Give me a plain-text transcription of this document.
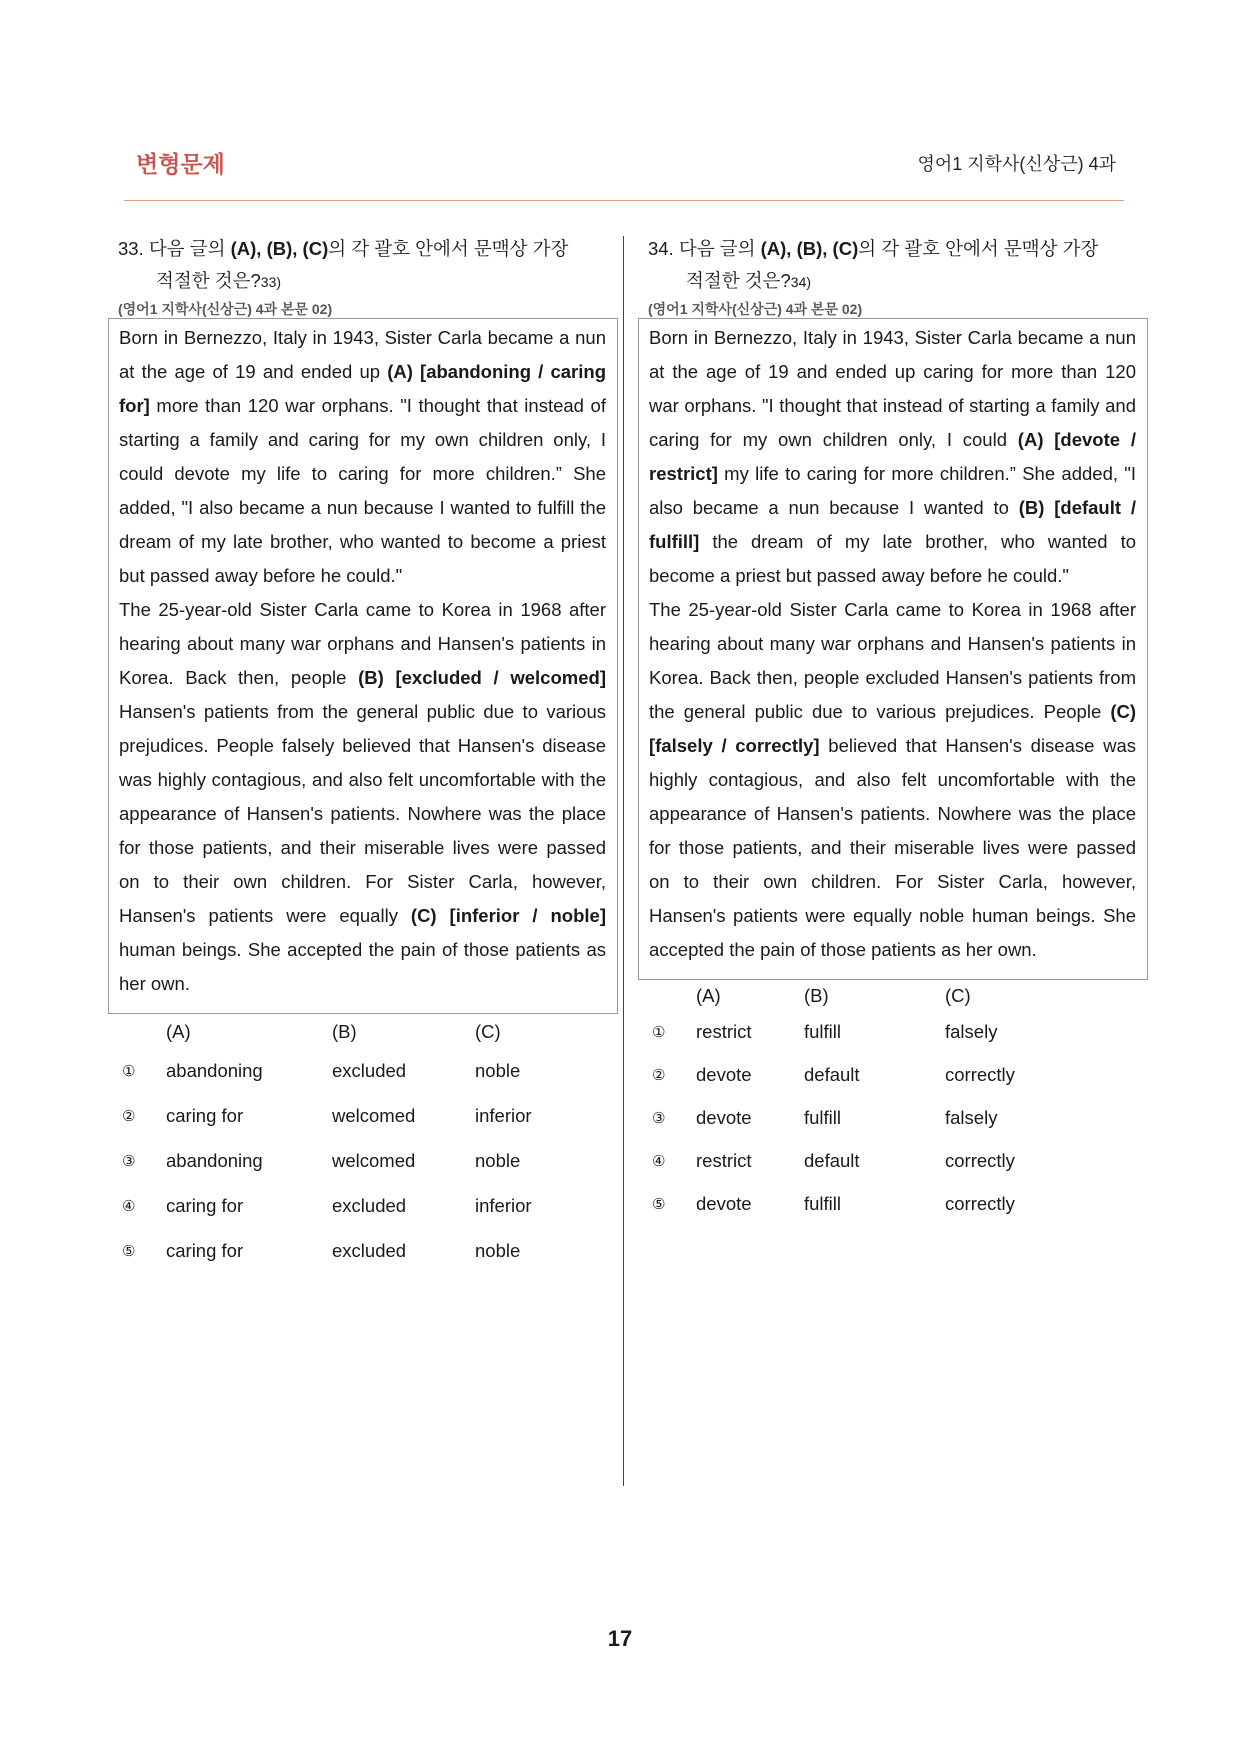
변형문제	영어1 지학사(신상근) 4과
33. 다음 글의 (A), (B), (C)의 각 괄호 안에서 문맥상 가장
적절한 것은?33)
(영어1 지학사(신상근) 4과 본문 02)

Born in Bernezzo, Italy in 1943, Sister Carla became a nun at the age of 19 and ended up (A) [abandoning / caring for] more than 120 war orphans. "I thought that instead of starting a family and caring for my own children only, I could devote my life to caring for more children.” She added, "I also became a nun because I wanted to fulfill the dream of my late brother, who wanted to become a priest but passed away before he could."

The 25-year-old Sister Carla came to Korea in 1968 after hearing about many war orphans and Hansen's patients in Korea. Back then, people (B) [excluded / welcomed] Hansen's patients from the general public due to various prejudices. People falsely believed that Hansen's disease was highly contagious, and also felt uncomfortable with the appearance of Hansen's patients. Nowhere was the place for those patients, and their miserable lives were passed on to their own children. For Sister Carla, however, Hansen's patients were equally (C) [inferior / noble] human beings. She accepted the pain of those patients as her own.

(A)	(B)	(C)
①	abandoning	excluded	noble
②	caring for	welcomed	inferior
③	abandoning	welcomed	noble
④	caring for	excluded	inferior
⑤	caring for	excluded	noble
34. 다음 글의 (A), (B), (C)의 각 괄호 안에서 문맥상 가장
적절한 것은?34)
(영어1 지학사(신상근) 4과 본문 02)

Born in Bernezzo, Italy in 1943, Sister Carla became a nun at the age of 19 and ended up caring for more than 120 war orphans. "I thought that instead of starting a family and caring for my own children only, I could (A) [devote / restrict] my life to caring for more children.” She added, "I also became a nun because I wanted to (B) [default / fulfill] the dream of my late brother, who wanted to become a priest but passed away before he could."

The 25-year-old Sister Carla came to Korea in 1968 after hearing about many war orphans and Hansen's patients in Korea. Back then, people excluded Hansen's patients from the general public due to various prejudices. People (C) [falsely / correctly] believed that Hansen's disease was highly contagious, and also felt uncomfortable with the appearance of Hansen's patients. Nowhere was the place for those patients, and their miserable lives were passed on to their own children. For Sister Carla, however, Hansen's patients were equally noble human beings. She accepted the pain of those patients as her own.

(A)	(B)	(C)
①	restrict	fulfill	falsely
②	devote	default	correctly
③	devote	fulfill	falsely
④	restrict	default	correctly
⑤	devote	fulfill	correctly
17
